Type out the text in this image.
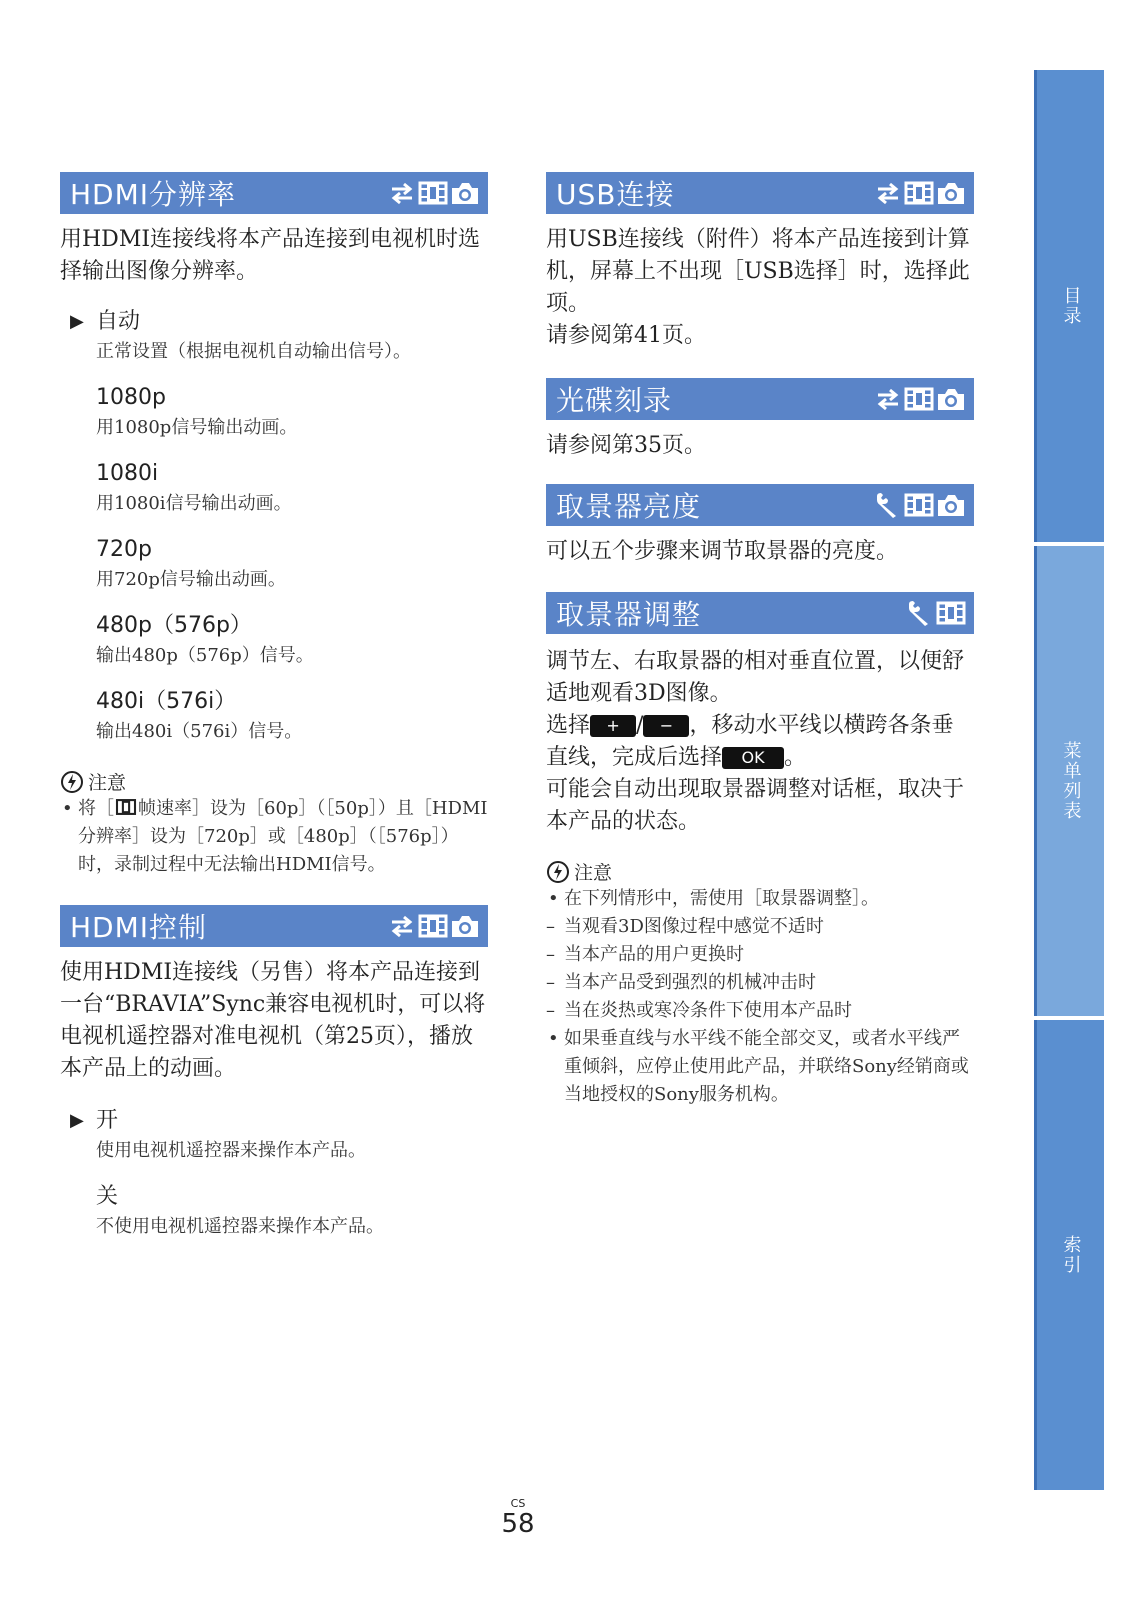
HDMI分辨率

用HDMI连接线将本产品连接到电视机时选择输出图像分辨率。

▶ 自动
正常设置（根据电视机自动输出信号）。
1080p
用1080p信号输出动画。
1080i
用1080i信号输出动画。
720p
用720p信号输出动画。
480p（576p）
输出480p（576p）信号。
480i（576i）
输出480i（576i）信号。
注意
• 将［ 帧速率］设为［60p］（［50p］）且［HDMI分辨率］设为［720p］或［480p］（［576p］）时，录制过程中无法输出HDMI信号。
HDMI控制

使用HDMI连接线（另售）将本产品连接到一台“BRAVIA”Sync兼容电视机时，可以将电视机遥控器对准电视机（第25页），播放本产品上的动画。

▶ 开
使用电视机遥控器来操作本产品。
关
不使用电视机遥控器来操作本产品。
USB连接

用USB连接线（附件）将本产品连接到计算机，屏幕上不出现［USB选择］时，选择此项。

请参阅第41页。

光碟刻录

请参阅第35页。

取景器亮度

可以五个步骤来调节取景器的亮度。

取景器调整

调节左、右取景器的相对垂直位置，以便舒适地观看3D图像。

选择 + / − ，移动水平线以横跨各条垂直线，完成后选择 OK 。

可能会自动出现取景器调整对话框，取决于本产品的状态。

注意
• 在下列情形中，需使用［取景器调整］。
– 当观看3D图像过程中感觉不适时
– 当本产品的用户更换时
– 当本产品受到强烈的机械冲击时
– 当在炎热或寒冷条件下使用本产品时
• 如果垂直线与水平线不能全部交叉，或者水平线严重倾斜，应停止使用此产品，并联络Sony经销商或当地授权的Sony服务机构。
目录
菜单列表
索引
CS
58
